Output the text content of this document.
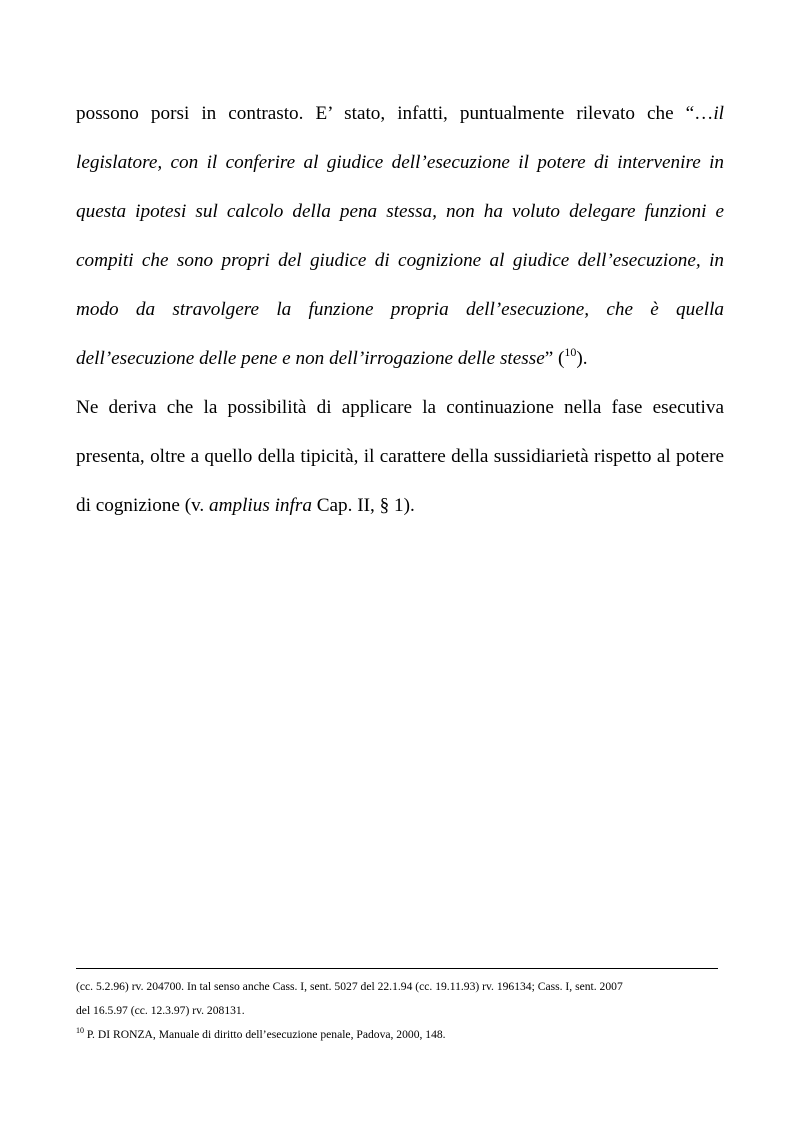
possono porsi in contrasto. E’ stato, infatti, puntualmente rilevato che “…il legislatore, con il conferire al giudice dell’esecuzione il potere di intervenire in questa ipotesi sul calcolo della pena stessa, non ha voluto delegare funzioni e compiti che sono propri del giudice di cognizione al giudice dell’esecuzione, in modo da stravolgere la funzione propria dell’esecuzione, che è quella dell’esecuzione delle pene e non dell’irrogazione delle stesse” ($^{10}$).

Ne deriva che la possibilità di applicare la continuazione nella fase esecutiva presenta, oltre a quello della tipicità, il carattere della sussidiarietà rispetto al potere di cognizione (v. amplius infra Cap. II, § 1).

(cc. 5.2.96) rv. 204700. In tal senso anche Cass. I, sent. 5027 del 22.1.94 (cc. 19.11.93) rv. 196134; Cass. I, sent. 2007

del 16.5.97 (cc. 12.3.97) rv. 208131.

$^{10}$ P. DI RONZA, Manuale di diritto dell’esecuzione penale, Padova, 2000, 148.
